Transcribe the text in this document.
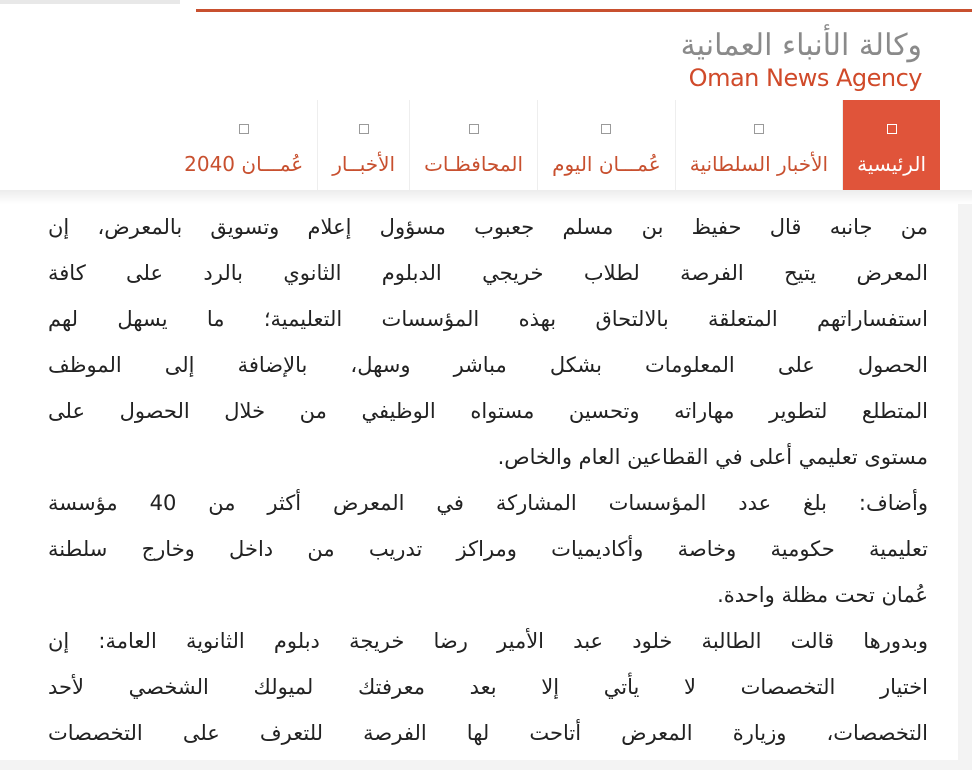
وكالة الأنباء العمانية
Oman News Agency
الرئيسية
الأخبار السلطانية
عُمـــان اليوم
المحافظـات
الأخبــار
عُمـــان 2040
من جانبه قال حفيظ بن مسلم جعبوب مسؤول إعلام وتسويق بالمعرض، إن
المعرض يتيح الفرصة لطلاب خريجي الدبلوم الثانوي بالرد على كافة
استفساراتهم المتعلقة بالالتحاق بهذه المؤسسات التعليمية؛ ما يسهل لهم
الحصول على المعلومات بشكل مباشر وسهل، بالإضافة إلى الموظف
المتطلع لتطوير مهاراته وتحسين مستواه الوظيفي من خلال الحصول على
مستوى تعليمي أعلى في القطاعين العام والخاص.
وأضاف: بلغ عدد المؤسسات المشاركة في المعرض أكثر من 40 مؤسسة
تعليمية حكومية وخاصة وأكاديميات ومراكز تدريب من داخل وخارج سلطنة
عُمان تحت مظلة واحدة.
وبدورها قالت الطالبة خلود عبد الأمير رضا خريجة دبلوم الثانوية العامة: إن
اختيار التخصصات لا يأتي إلا بعد معرفتك لميولك الشخصي لأحد
التخصصات، وزيارة المعرض أتاحت لها الفرصة للتعرف على التخصصات
